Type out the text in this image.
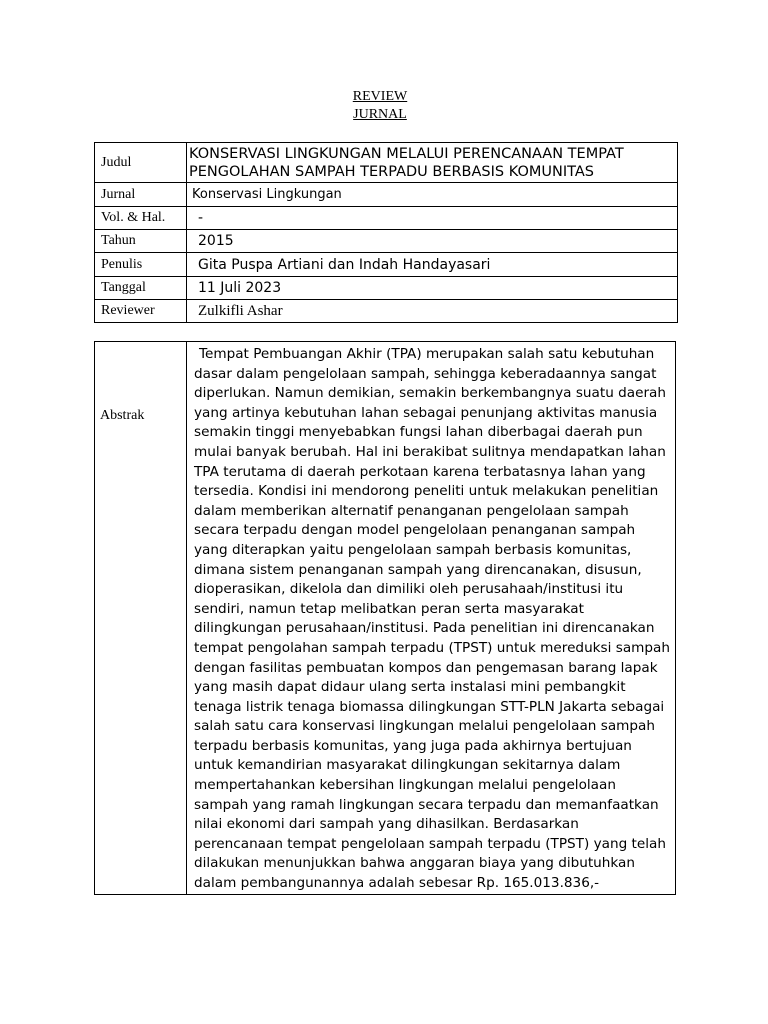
REVIEW
JURNAL
Judul	KONSERVASI LINGKUNGAN MELALUI PERENCANAAN TEMPAT PENGOLAHAN SAMPAH TERPADU BERBASIS KOMUNITAS
Jurnal	Konservasi Lingkungan
Vol. & Hal.	-
Tahun	2015
Penulis	Gita Puspa Artiani dan Indah Handayasari
Tanggal	11 Juli 2023
Reviewer	Zulkifli Ashar
Abstrak	Tempat Pembuangan Akhir (TPA) merupakan salah satu kebutuhan dasar dalam pengelolaan sampah, sehingga keberadaannya sangat diperlukan. Namun demikian, semakin berkembangnya suatu daerah yang artinya kebutuhan lahan sebagai penunjang aktivitas manusia semakin tinggi menyebabkan fungsi lahan diberbagai daerah pun mulai banyak berubah. Hal ini berakibat sulitnya mendapatkan lahan TPA terutama di daerah perkotaan karena terbatasnya lahan yang tersedia. Kondisi ini mendorong peneliti untuk melakukan penelitian dalam memberikan alternatif penanganan pengelolaan sampah secara terpadu dengan model pengelolaan penanganan sampah yang diterapkan yaitu pengelolaan sampah berbasis komunitas, dimana sistem penanganan sampah yang direncanakan, disusun, dioperasikan, dikelola dan dimiliki oleh perusahaah/institusi itu sendiri, namun tetap melibatkan peran serta masyarakat dilingkungan perusahaan/institusi. Pada penelitian ini direncanakan tempat pengolahan sampah terpadu (TPST) untuk mereduksi sampah dengan fasilitas pembuatan kompos dan pengemasan barang lapak yang masih dapat didaur ulang serta instalasi mini pembangkit tenaga listrik tenaga biomassa dilingkungan STT-PLN Jakarta sebagai salah satu cara konservasi lingkungan melalui pengelolaan sampah terpadu berbasis komunitas, yang juga pada akhirnya bertujuan untuk kemandirian masyarakat dilingkungan sekitarnya dalam mempertahankan kebersihan lingkungan melalui pengelolaan sampah yang ramah lingkungan secara terpadu dan memanfaatkan nilai ekonomi dari sampah yang dihasilkan. Berdasarkan perencanaan tempat pengelolaan sampah terpadu (TPST) yang telah dilakukan menunjukkan bahwa anggaran biaya yang dibutuhkan dalam pembangunannya adalah sebesar Rp. 165.013.836,-
